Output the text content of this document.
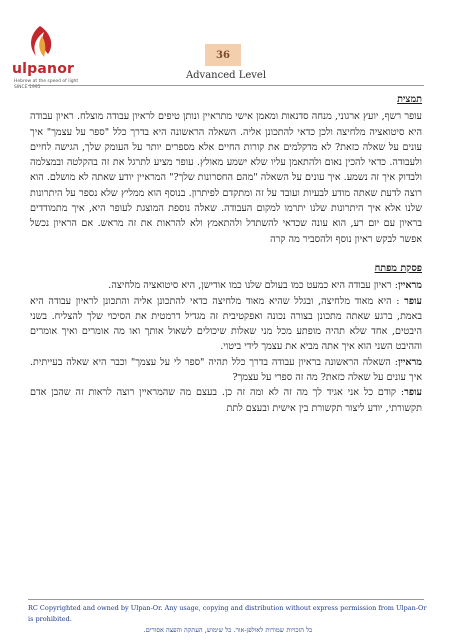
ulpanor
Hebrew at the speed of light
SINCE 1995
36
Advanced Level

תמצית

עופר רשף, יועץ ארגוני, מנחה סדנאות ומאמן אישי מתראיין ונותן טיפים לראיון עבודה מוצלח. ראיון עבודה היא סיטואציה מלחיצה ולכן כדאי להתכונן אליה. השאלה הראשונה היא בדרך כלל "ספר על עצמך" איך עונים על שאלה כזאת? לא מדקלמים את קורות החיים אלא מספרים יותר על העומק שלך, הגישה לחיים ולעבודה. כדאי להכין נאום ולהתאמן עליו שלא ישמע מאולץ. עופר מציע לתרגל את זה בהקלטה ובמצלמה ולבדוק איך זה נשמע. איך עונים על השאלה "מהם החסרונות שלך?" המראיין יודע שאתה לא מושלם. הוא רוצה לדעת שאתה מודע לבעיות ועובד על זה ומתקדם לפיתרון. בנוסף הוא ממליץ שלא נספר על היתרונות שלנו אלא איך היתרונות שלנו יתרמו למקום העבודה. שאלה נוספת המוצגת לעופר היא, איך מתמודדים בראיון עם יום רע, הוא עונה שכדאי להשתדל ולהתאמץ ולא להראות את זה מראש. אם הראיון נכשל אפשר לבקש ראיון נוסף ולהסביר מה קרה

פסקת מפתח

מראיין: ראיון עבודה היא כמעט כמו בעולם שלנו כמו אודישן, היא סיטואציה מלחיצה.

עופר : היא מאוד מלחיצה, ובגלל שהיא מאוד מלחיצה כדאי להתכונן אליה והתכונן לראיון עבודה היא באמת, ברגע שאתה מתכונן בצורה נכונה ואפקטיבית זה מגדיל דרמטית את הסיכוי שלך להצליח. בשני היבטים, אחד שלא תהיה מופתע מכל מני שאלות שיכולים לשאול אותך ואו מה אומרים ואיך אומרים וההיבט השני הוא איך אתה מביא את עצמך לידי ביטוי.

מראיין: השאלה הראשונה בראיון עבודה בדרך כלל תהיה "ספר לי על עצמך" וכבר היא שאלה בעייתית. איך עונים על שאלה כזאת? מה זה ספרי על עצמך?

עופר: קודם כל אני אגיד לך מה זה לא ומה זה כן. בעצם מה שהמראיין רוצה לראות זה שהבן אדם תקשורתי, יודע ליצור תקשורת בין אישית ובעצם לתת

RC Copyrighted and owned by Ulpan-Or. Any usage, copying and distribution without express permission from Ulpan-Or is prohibited.
כל הזכויות שמורות לאולפן-אור. כל שימוש, העתקה והפצה אסורים.
